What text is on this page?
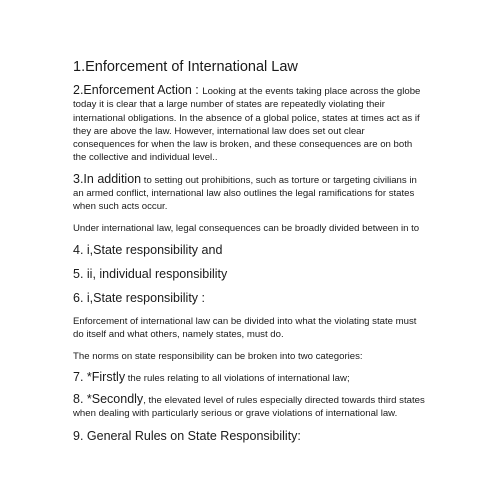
1.Enforcement of International Law
2.Enforcement Action : Looking at the events taking place across the globe today it is clear that a large number of states are repeatedly violating their international obligations. In the absence of a global police, states at times act as if they are above the law. However, international law does set out clear consequences for when the law is broken, and these consequences are on both the collective and individual level..
3.In addition to setting out prohibitions, such as torture or targeting civilians in an armed conflict, international law also outlines the legal ramifications for states when such acts occur.
Under international law, legal consequences can be broadly divided between in to
4. i,State responsibility and
5. ii, individual responsibility
6. i,State responsibility :
Enforcement of international law can be divided into what the violating state must do itself and what others, namely states, must do.
The norms on state responsibility can be broken into two categories:
7. *Firstly the rules relating to all violations of international law;
8. *Secondly, the elevated level of rules especially directed towards third states when dealing with particularly serious or grave violations of international law.
9. General Rules on State Responsibility:
